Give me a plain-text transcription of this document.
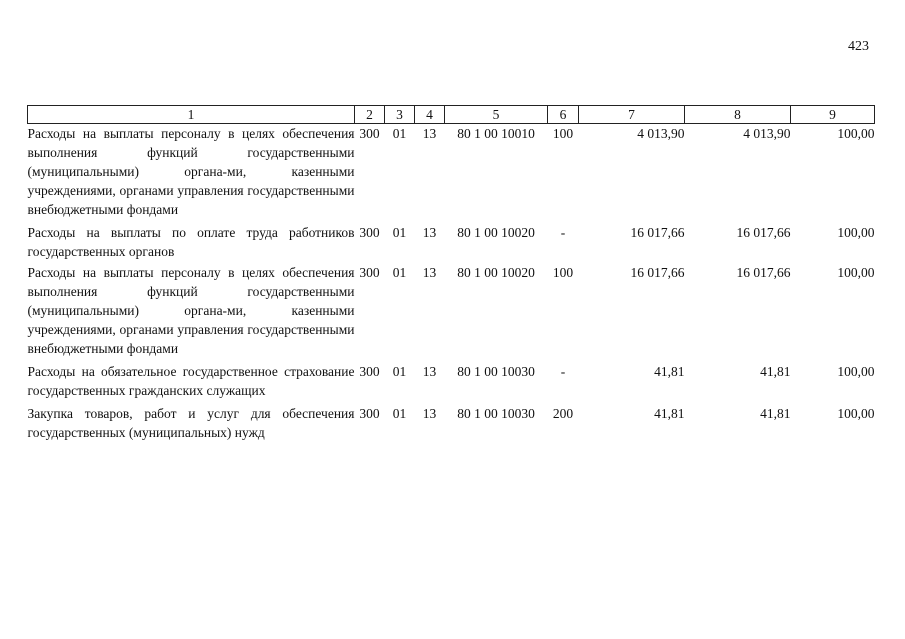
423
1	2	3	4	5	6	7	8	9
Расходы на выплаты персоналу в целях обеспечения выполнения функций государственными (муниципальными) органа-ми, казенными учреждениями, органами управления государственными внебюджетными фондами	300	01	13	80 1 00 10010	100	4 013,90	4 013,90	100,00
Расходы на выплаты по оплате труда работников государственных органов	300	01	13	80 1 00 10020	-	16 017,66	16 017,66	100,00
Расходы на выплаты персоналу в целях обеспечения выполнения функций государственными (муниципальными) органа-ми, казенными учреждениями, органами управления государственными внебюджетными фондами	300	01	13	80 1 00 10020	100	16 017,66	16 017,66	100,00
Расходы на обязательное государственное страхование государственных гражданских служащих	300	01	13	80 1 00 10030	-	41,81	41,81	100,00
Закупка товаров, работ и услуг для обеспечения государственных (муниципальных) нужд	300	01	13	80 1 00 10030	200	41,81	41,81	100,00
